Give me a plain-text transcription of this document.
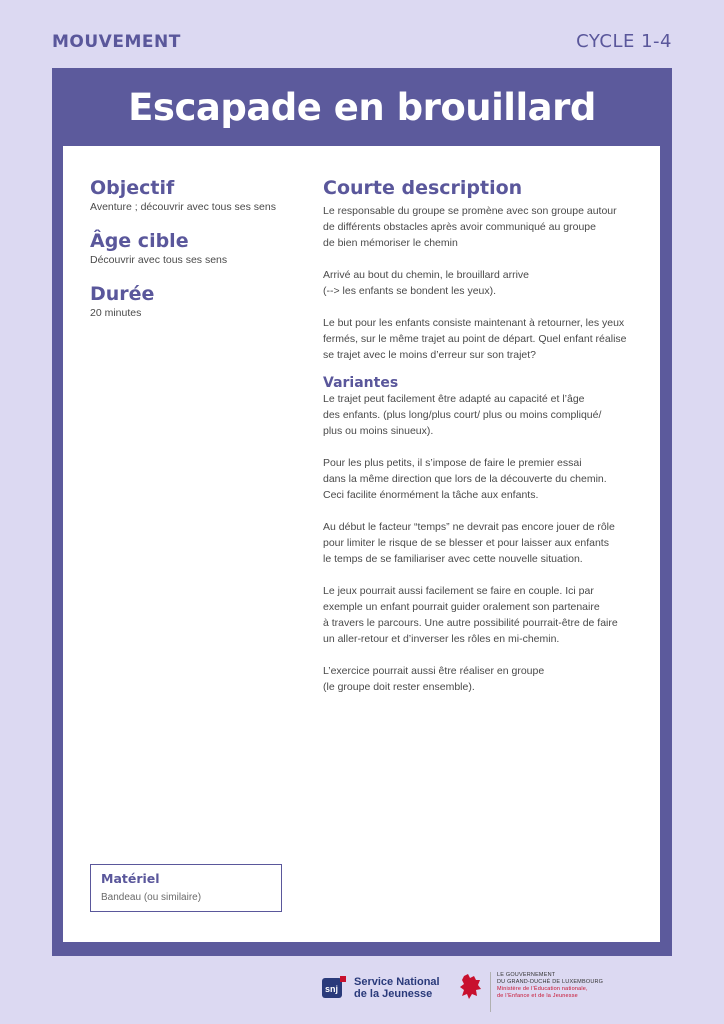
MOUVEMENT	CYCLE 1-4
Escapade en brouillard
Objectif

Aventure ; découvrir avec tous ses sens

Âge cible

Découvrir avec tous ses sens

Durée

20 minutes

Courte description

Le responsable du groupe se promène avec son groupe autour
de différents obstacles après avoir communiqué au groupe
de bien mémoriser le chemin

Arrivé au bout du chemin, le brouillard arrive
(--> les enfants se bondent les yeux).

Le but pour les enfants consiste maintenant à retourner, les yeux
fermés, sur le même trajet au point de départ. Quel enfant réalise
se trajet avec le moins d’erreur sur son trajet?

Variantes

Le trajet peut facilement être adapté au capacité et l’âge
des enfants. (plus long/plus court/ plus ou moins compliqué/
plus ou moins sinueux).

Pour les plus petits, il s’impose de faire le premier essai
dans la même direction que lors de la découverte du chemin.
Ceci facilite énormément la tâche aux enfants.

Au début le facteur “temps” ne devrait pas encore jouer de rôle
pour limiter le risque de se blesser et pour laisser aux enfants
le temps de se familiariser avec cette nouvelle situation.

Le jeux pourrait aussi facilement se faire en couple. Ici par
exemple un enfant pourrait guider oralement son partenaire
à travers le parcours. Une autre possibilité pourrait-être de faire
un aller-retour et d’inverser les rôles en mi-chemin.

L’exercice pourrait aussi être réaliser en groupe
(le groupe doit rester ensemble).

Matériel

Bandeau (ou similaire)

snj
Service National
de la Jeunesse
LE GOUVERNEMENT
DU GRAND-DUCHÉ DE LUXEMBOURG
Ministère de l’Éducation nationale,
de l’Enfance et de la Jeunesse
